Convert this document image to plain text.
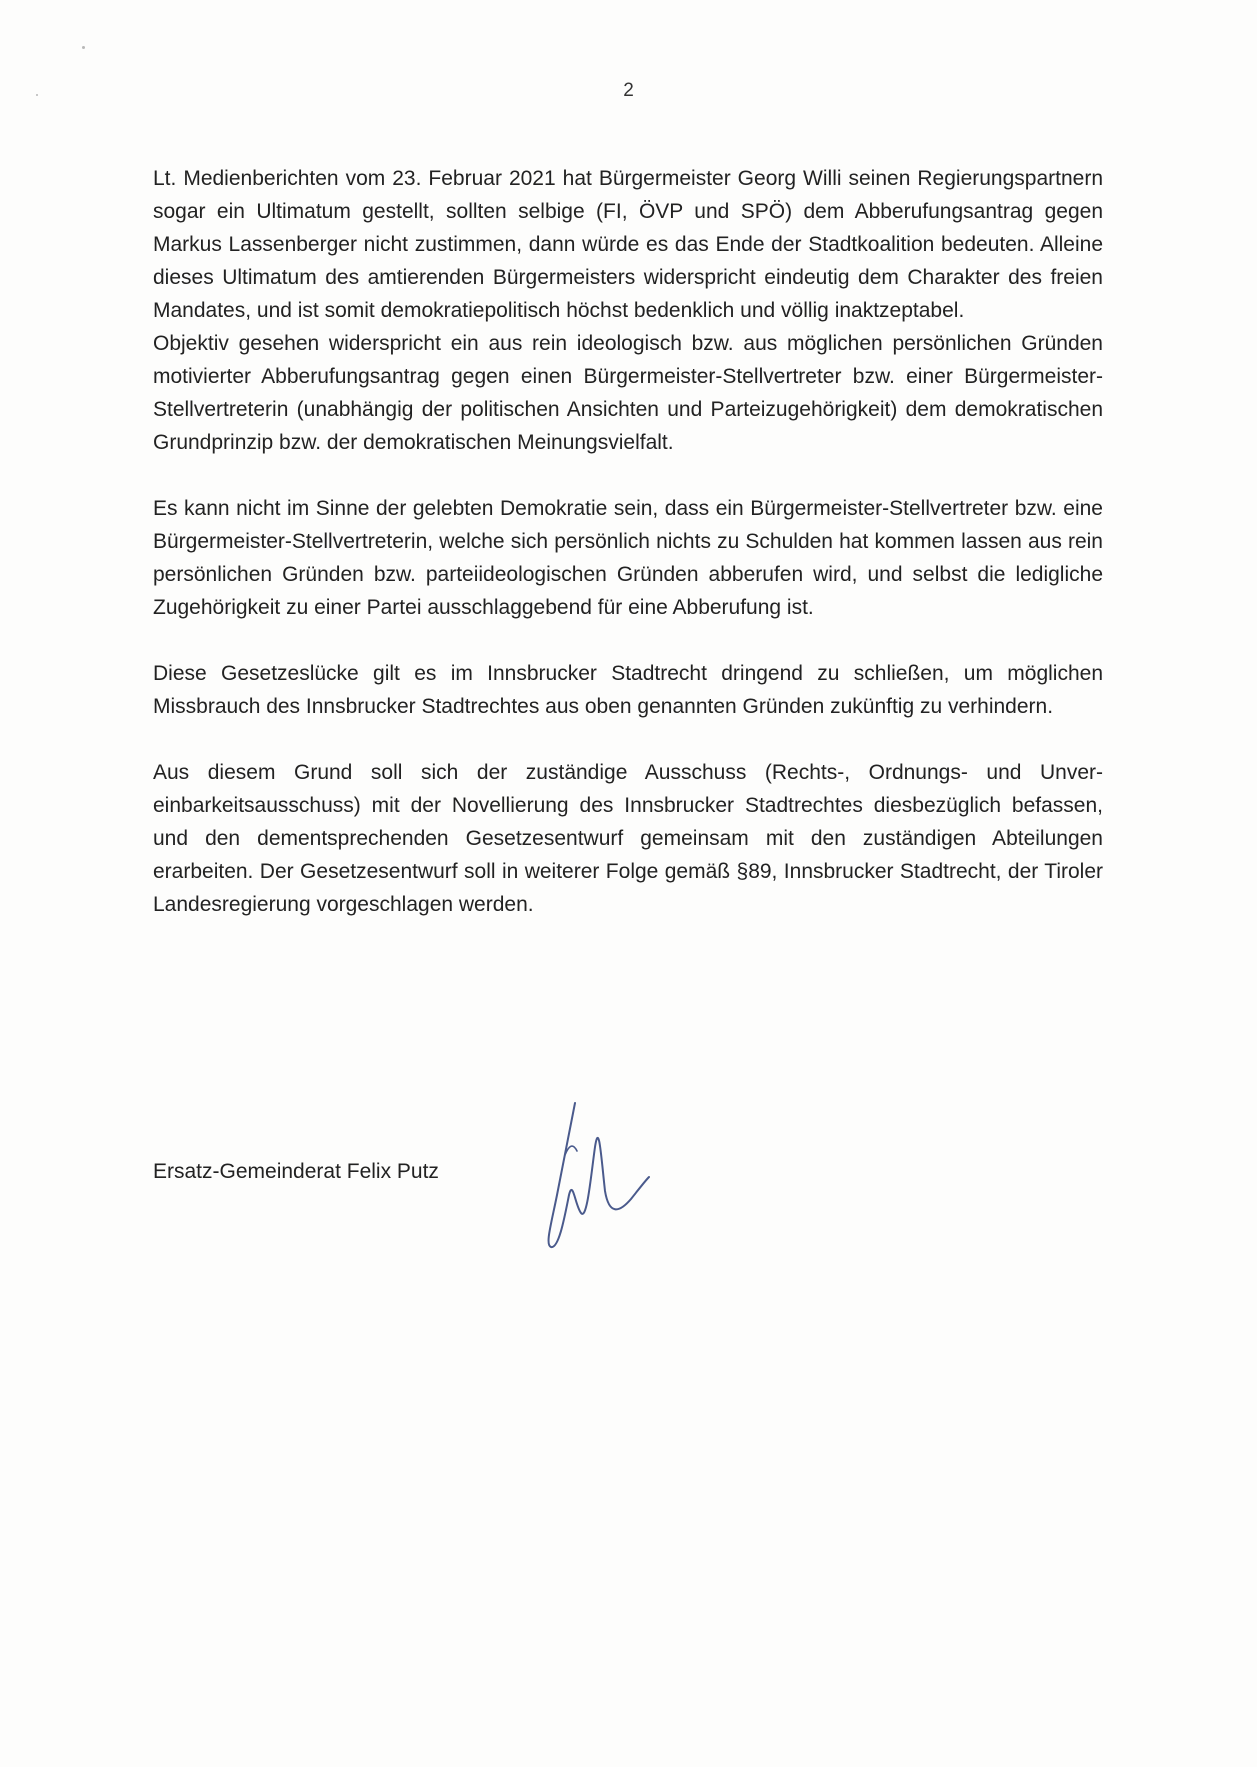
2

Lt. Medienberichten vom 23. Februar 2021 hat Bürgermeister Georg Willi seinen Regierungspartnern sogar ein Ultimatum gestellt, sollten selbige (FI, ÖVP und SPÖ) dem Abberufungsantrag gegen Markus Lassenberger nicht zustimmen, dann würde es das Ende der Stadtkoalition bedeuten. Alleine dieses Ultimatum des amtierenden Bürgermeisters widerspricht eindeutig dem Charakter des freien Mandates, und ist somit demokratiepolitisch höchst bedenklich und völlig inaktzeptabel.

Objektiv gesehen widerspricht ein aus rein ideologisch bzw. aus möglichen persönlichen Gründen motivierter Abberufungsantrag gegen einen Bürgermeister-Stellvertreter bzw. einer Bürgermeister-Stellvertreterin (unabhängig der politischen Ansichten und Parteizugehörigkeit) dem demokratischen Grundprinzip bzw. der demokratischen Meinungsvielfalt.

Es kann nicht im Sinne der gelebten Demokratie sein, dass ein Bürgermeister-Stellvertreter bzw. eine Bürgermeister-Stellvertreterin, welche sich persönlich nichts zu Schulden hat kommen lassen aus rein persönlichen Gründen bzw. parteiideologischen Gründen abberufen wird, und selbst die ledigliche Zugehörigkeit zu einer Partei ausschlaggebend für eine Abberufung ist.

Diese Gesetzeslücke gilt es im Innsbrucker Stadtrecht dringend zu schließen, um möglichen Missbrauch des Innsbrucker Stadtrechtes aus oben genannten Gründen zukünftig zu verhindern.

Aus diesem Grund soll sich der zuständige Ausschuss (Rechts-, Ordnungs- und Unvereinbarkeitsausschuss) mit der Novellierung des Innsbrucker Stadtrechtes diesbezüglich befassen, und den dementsprechenden Gesetzesentwurf gemeinsam mit den zuständigen Abteilungen erarbeiten. Der Gesetzesentwurf soll in weiterer Folge gemäß §89, Innsbrucker Stadtrecht, der Tiroler Landesregierung vorgeschlagen werden.

Ersatz-Gemeinderat Felix Putz
